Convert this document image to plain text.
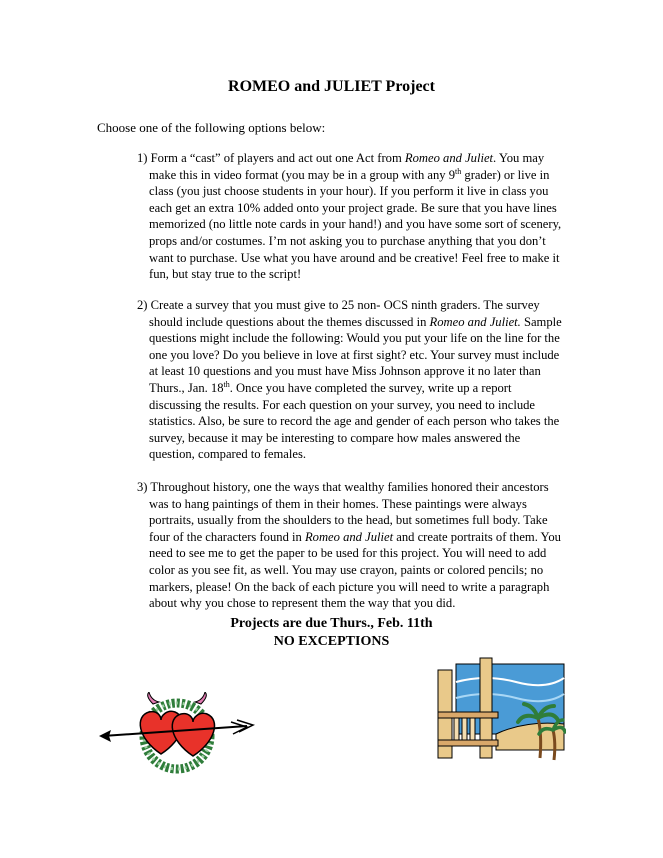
ROMEO and JULIET Project
Choose one of the following options below:

1) Form a “cast” of players and act out one Act from Romeo and Juliet. You may make this in video format (you may be in a group with any 9th grader) or live in class (you just choose students in your hour). If you perform it live in class you each get an extra 10% added onto your project grade. Be sure that you have lines memorized (no little note cards in your hand!) and you have some sort of scenery, props and/or costumes. I’m not asking you to purchase anything that you don’t want to purchase. Use what you have around and be creative! Feel free to make it fun, but stay true to the script!

2) Create a survey that you must give to 25 non- OCS ninth graders. The survey should include questions about the themes discussed in Romeo and Juliet. Sample questions might include the following: Would you put your life on the line for the one you love? Do you believe in love at first sight? etc. Your survey must include at least 10 questions and you must have Miss Johnson approve it no later than Thurs., Jan. 18th. Once you have completed the survey, write up a report discussing the results. For each question on your survey, you need to include statistics. Also, be sure to record the age and gender of each person who takes the survey, because it may be interesting to compare how males answered the question, compared to females.

3) Throughout history, one the ways that wealthy families honored their ancestors was to hang paintings of them in their homes. These paintings were always portraits, usually from the shoulders to the head, but sometimes full body. Take four of the characters found in Romeo and Juliet and create portraits of them. You need to see me to get the paper to be used for this project. You will need to add color as you see fit, as well. You may use crayon, paints or colored pencils; no markers, please! On the back of each picture you will need to write a paragraph about why you chose to represent them the way that you did.

Projects are due Thurs., Feb. 11th
NO EXCEPTIONS
